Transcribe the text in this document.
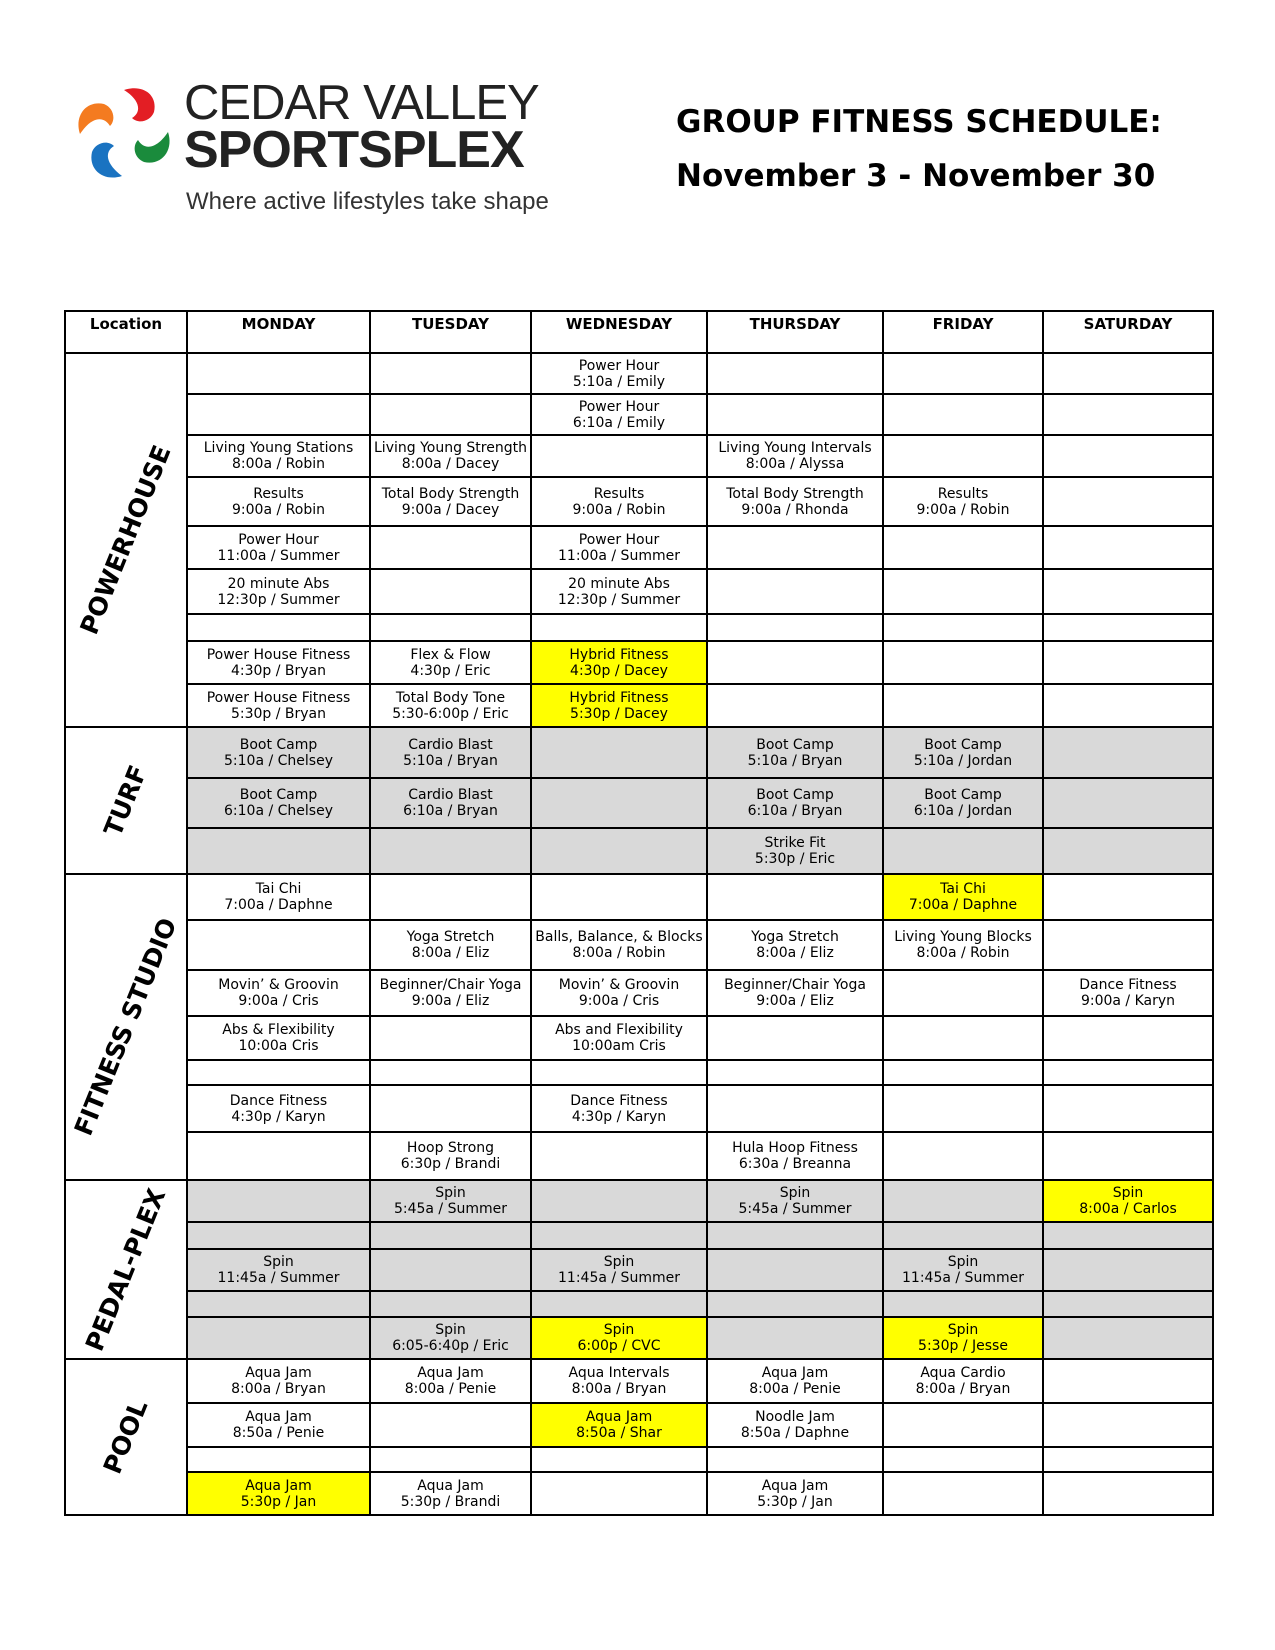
CEDAR VALLEY
SPORTSPLEX
Where active lifestyles take shape
GROUP FITNESS SCHEDULE:
November 3 - November 30
Location	MONDAY	TUESDAY	WEDNESDAY	THURSDAY	FRIDAY	SATURDAY

POWERHOUSE			Power Hour
5:10a / Emily			

			Power Hour
6:10a / Emily			

	Living Young Stations
8:00a / Robin	Living Young Strength
8:00a / Dacey		Living Young Intervals
8:00a / Alyssa		

	Results
9:00a / Robin	Total Body Strength
9:00a / Dacey	Results
9:00a / Robin	Total Body Strength
9:00a / Rhonda	Results
9:00a / Robin	

	Power Hour
11:00a / Summer		Power Hour
11:00a / Summer			

	20 minute Abs
12:30p / Summer		20 minute Abs
12:30p / Summer			

	Power House Fitness
4:30p / Bryan	Flex & Flow
4:30p / Eric	Hybrid Fitness
4:30p / Dacey			

	Power House Fitness
5:30p / Bryan	Total Body Tone
5:30-6:00p / Eric	Hybrid Fitness
5:30p / Dacey			

TURF	Boot Camp
5:10a / Chelsey	Cardio Blast
5:10a / Bryan		Boot Camp
5:10a / Bryan	Boot Camp
5:10a / Jordan	

	Boot Camp
6:10a / Chelsey	Cardio Blast
6:10a / Bryan		Boot Camp
6:10a / Bryan	Boot Camp
6:10a / Jordan	

				Strike Fit
5:30p / Eric		

FITNESS STUDIO	Tai Chi
7:00a / Daphne				Tai Chi
7:00a / Daphne	

		Yoga Stretch
8:00a / Eliz	Balls, Balance, & Blocks
8:00a / Robin	Yoga Stretch
8:00a / Eliz	Living Young Blocks
8:00a / Robin	

	Movin’ & Groovin
9:00a / Cris	Beginner/Chair Yoga
9:00a / Eliz	Movin’ & Groovin
9:00a / Cris	Beginner/Chair Yoga
9:00a / Eliz		Dance Fitness
9:00a / Karyn

	Abs & Flexibility
10:00a Cris		Abs and Flexibility
10:00am Cris			

	Dance Fitness
4:30p / Karyn		Dance Fitness
4:30p / Karyn			

		Hoop Strong
6:30p / Brandi		Hula Hoop Fitness
6:30a / Breanna		

PEDAL-PLEX		Spin
5:45a / Summer		Spin
5:45a / Summer		Spin
8:00a / Carlos

	Spin
11:45a / Summer		Spin
11:45a / Summer		Spin
11:45a / Summer	

		Spin
6:05-6:40p / Eric	Spin
6:00p / CVC		Spin
5:30p / Jesse	

POOL	Aqua Jam
8:00a / Bryan	Aqua Jam
8:00a / Penie	Aqua Intervals
8:00a / Bryan	Aqua Jam
8:00a / Penie	Aqua Cardio
8:00a / Bryan	

	Aqua Jam
8:50a / Penie		Aqua Jam
8:50a / Shar	Noodle Jam
8:50a / Daphne		

	Aqua Jam
5:30p / Jan	Aqua Jam
5:30p / Brandi		Aqua Jam
5:30p / Jan		
